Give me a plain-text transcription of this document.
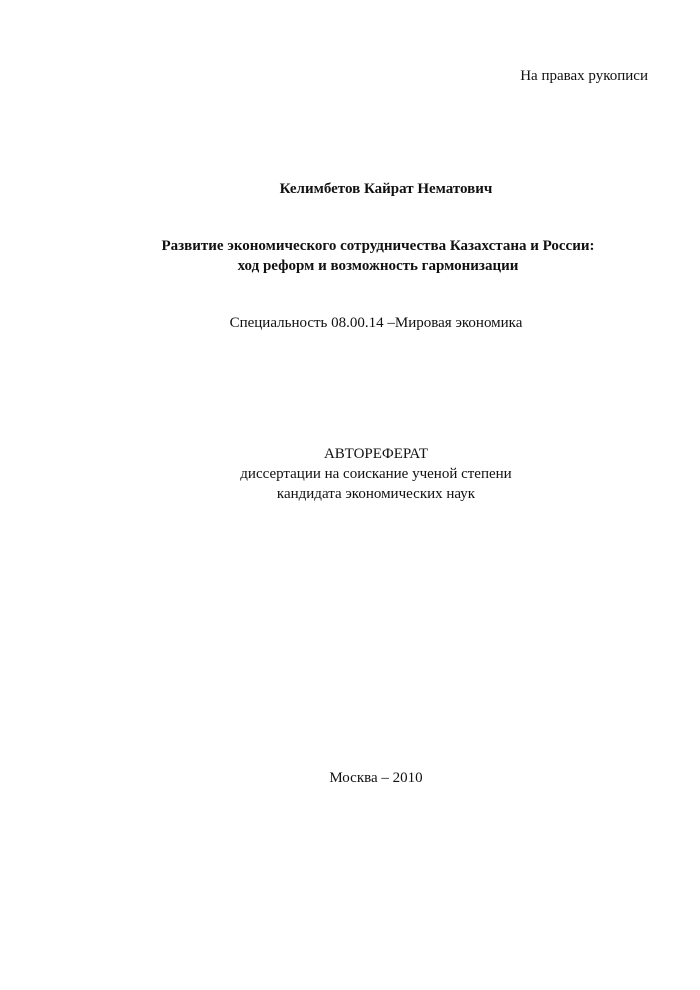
На правах рукописи
Келимбетов Кайрат Нематович
Развитие экономического сотрудничества Казахстана и России:
ход реформ и возможность гармонизации
Специальность 08.00.14 –Мировая экономика
АВТОРЕФЕРАТ
диссертации на соискание ученой степени
кандидата экономических наук
Москва – 2010
